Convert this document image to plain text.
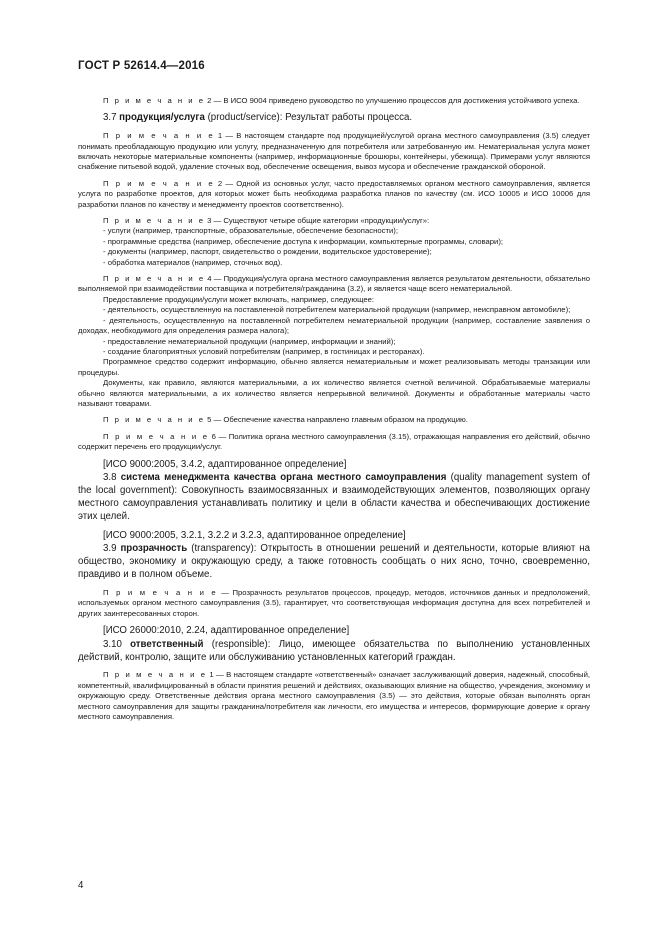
ГОСТ Р 52614.4—2016

П р и м е ч а н и е 2 — В ИСО 9004 приведено руководство по улучшению процессов для достижения устойчивого успеха.

3.7 продукция/услуга (product/service): Результат работы процесса.

П р и м е ч а н и е 1 — В настоящем стандарте под продукцией/услугой органа местного самоуправления (3.5) следует понимать преобладающую продукцию или услугу, предназначенную для потребителя или затребованную им. Нематериальная услуга может включать некоторые материальные компоненты (например, информационные брошюры, контейнеры, убежища). Примерами услуг являются снабжение питьевой водой, удаление сточных вод, обеспечение освещения, вывоз мусора и обеспечение гражданской обороной.

П р и м е ч а н и е 2 — Одной из основных услуг, часто предоставляемых органом местного самоуправления, является услуга по разработке проектов, для которых может быть необходима разработка планов по качеству (см. ИСО 10005 и ИСО 10006 для разработки планов по качеству и менеджменту проектов соответственно).

П р и м е ч а н и е 3 — Существуют четыре общие категории «продукции/услуг»:

- услуги (например, транспортные, образовательные, обеспечение безопасности);

- программные средства (например, обеспечение доступа к информации, компьютерные программы, словари);

- документы (например, паспорт, свидетельство о рождении, водительское удостоверение);

- обработка материалов (например, сточных вод).

П р и м е ч а н и е 4 — Продукция/услуга органа местного самоуправления является результатом деятельности, обязательно выполняемой при взаимодействии поставщика и потребителя/гражданина (3.2), и является чаще всего нематериальной.

Предоставление продукции/услуги может включать, например, следующее:

- деятельность, осуществленную на поставленной потребителем материальной продукции (например, неисправном автомобиле);

- деятельность, осуществленную на поставленной потребителем нематериальной продукции (например, составление заявления о доходах, необходимого для определения размера налога);

- предоставление нематериальной продукции (например, информации и знаний);

- создание благоприятных условий потребителям (например, в гостиницах и ресторанах).

Программное средство содержит информацию, обычно является нематериальным и может реализовывать методы транзакции или процедуры.

Документы, как правило, являются материальными, а их количество является счетной величиной. Обрабатываемые материалы обычно являются материальными, а их количество является непрерывной величиной. Документы и обработанные материалы часто называют товарами.

П р и м е ч а н и е 5 — Обеспечение качества направлено главным образом на продукцию.

П р и м е ч а н и е 6 — Политика органа местного самоуправления (3.15), отражающая направления его действий, обычно содержит перечень его продукции/услуг.

[ИСО 9000:2005, 3.4.2, адаптированное определение]

3.8 система менеджмента качества органа местного самоуправления (quality management system of the local government): Совокупность взаимосвязанных и взаимодействующих элементов, позволяющих органу местного самоуправления устанавливать политику и цели в области качества и обеспечивающих достижение этих целей.

[ИСО 9000:2005, 3.2.1, 3.2.2 и 3.2.3, адаптированное определение]

3.9 прозрачность (transparency): Открытость в отношении решений и деятельности, которые влияют на общество, экономику и окружающую среду, а также готовность сообщать о них ясно, точно, своевременно, правдиво и в полном объеме.

П р и м е ч а н и е — Прозрачность результатов процессов, процедур, методов, источников данных и предположений, используемых органом местного самоуправления (3.5), гарантирует, что соответствующая информация доступна для всех потребителей и других заинтересованных сторон.

[ИСО 26000:2010, 2.24, адаптированное определение]

3.10 ответственный (responsible): Лицо, имеющее обязательства по выполнению установленных действий, контролю, защите или обслуживанию установленных категорий граждан.

П р и м е ч а н и е 1 — В настоящем стандарте «ответственный» означает заслуживающий доверия, надежный, способный, компетентный, квалифицированный в области принятия решений и действиях, оказывающих влияние на общество, учреждения, экономику и окружающую среду. Ответственные действия органа местного самоуправления (3.5) — это действия, которые обязан выполнять орган местного самоуправления для защиты гражданина/потребителя как личности, его имущества и интересов, формирующие доверие к органу местного самоуправления.

4
